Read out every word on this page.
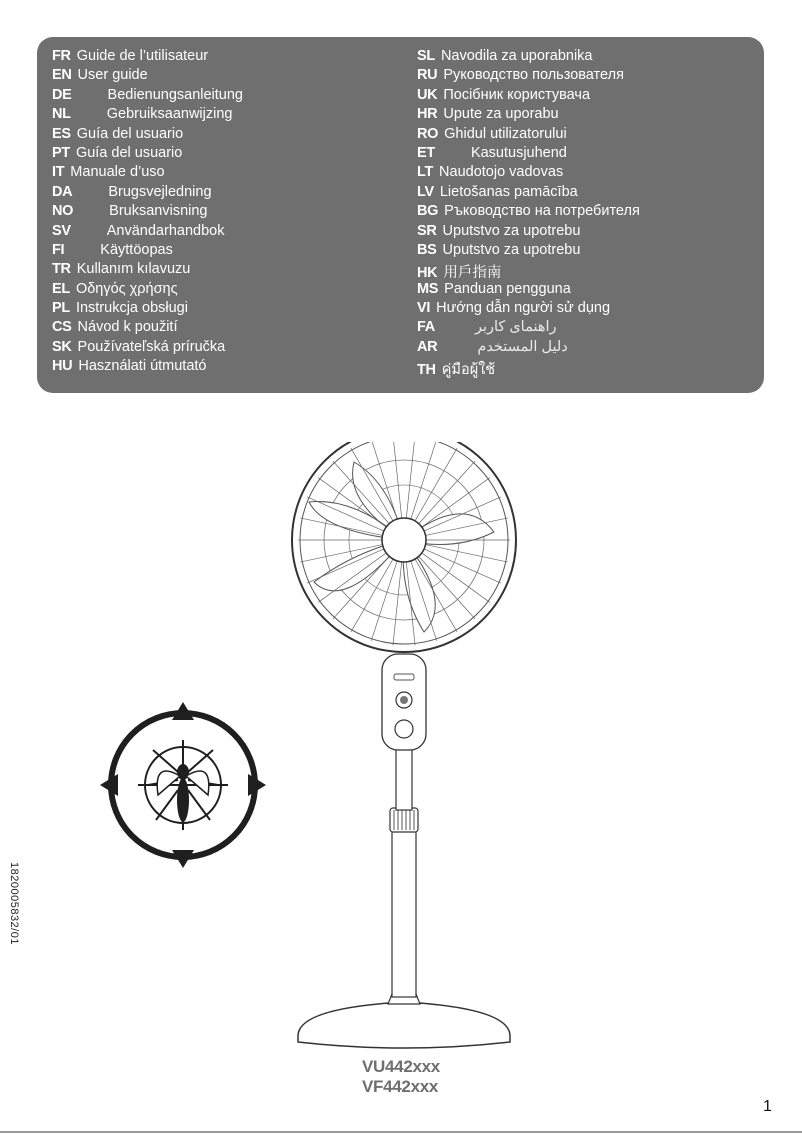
FR Guide de l’utilisateur
EN User guide
DE Bedienungsanleitung
NL Gebruiksaanwijzing
ES Guía del usuario
PT Guía del usuario
IT Manuale d’uso
DA Brugsvejledning
NO Bruksanvisning
SV Användarhandbok
FI Käyttöopas
TR Kullanım kılavuzu
EL Οδηγός χρήσης
PL Instrukcja obsługi
CS Návod k použití
SK Používateľská príručka
HU Használati útmutató
SL Navodila za uporabnika
RU Руководство пользователя
UK Посібник користувача
HR Upute za uporabu
RO Ghidul utilizatorului
ET Kasutusjuhend
LT Naudotojo vadovas
LV Lietošanas pamācība
BG Ръководство на потребителя
SR Uputstvo za upotrebu
BS Uputstvo za upotrebu
HK 用戶指南
MS Panduan pengguna
VI Hướng dẫn người sử dụng
FA	راهنمای کاربر
AR	دليل المستخدم
TH คู่มือผู้ใช้
1820005832/01
VU442xxx
VF442xxx
1
